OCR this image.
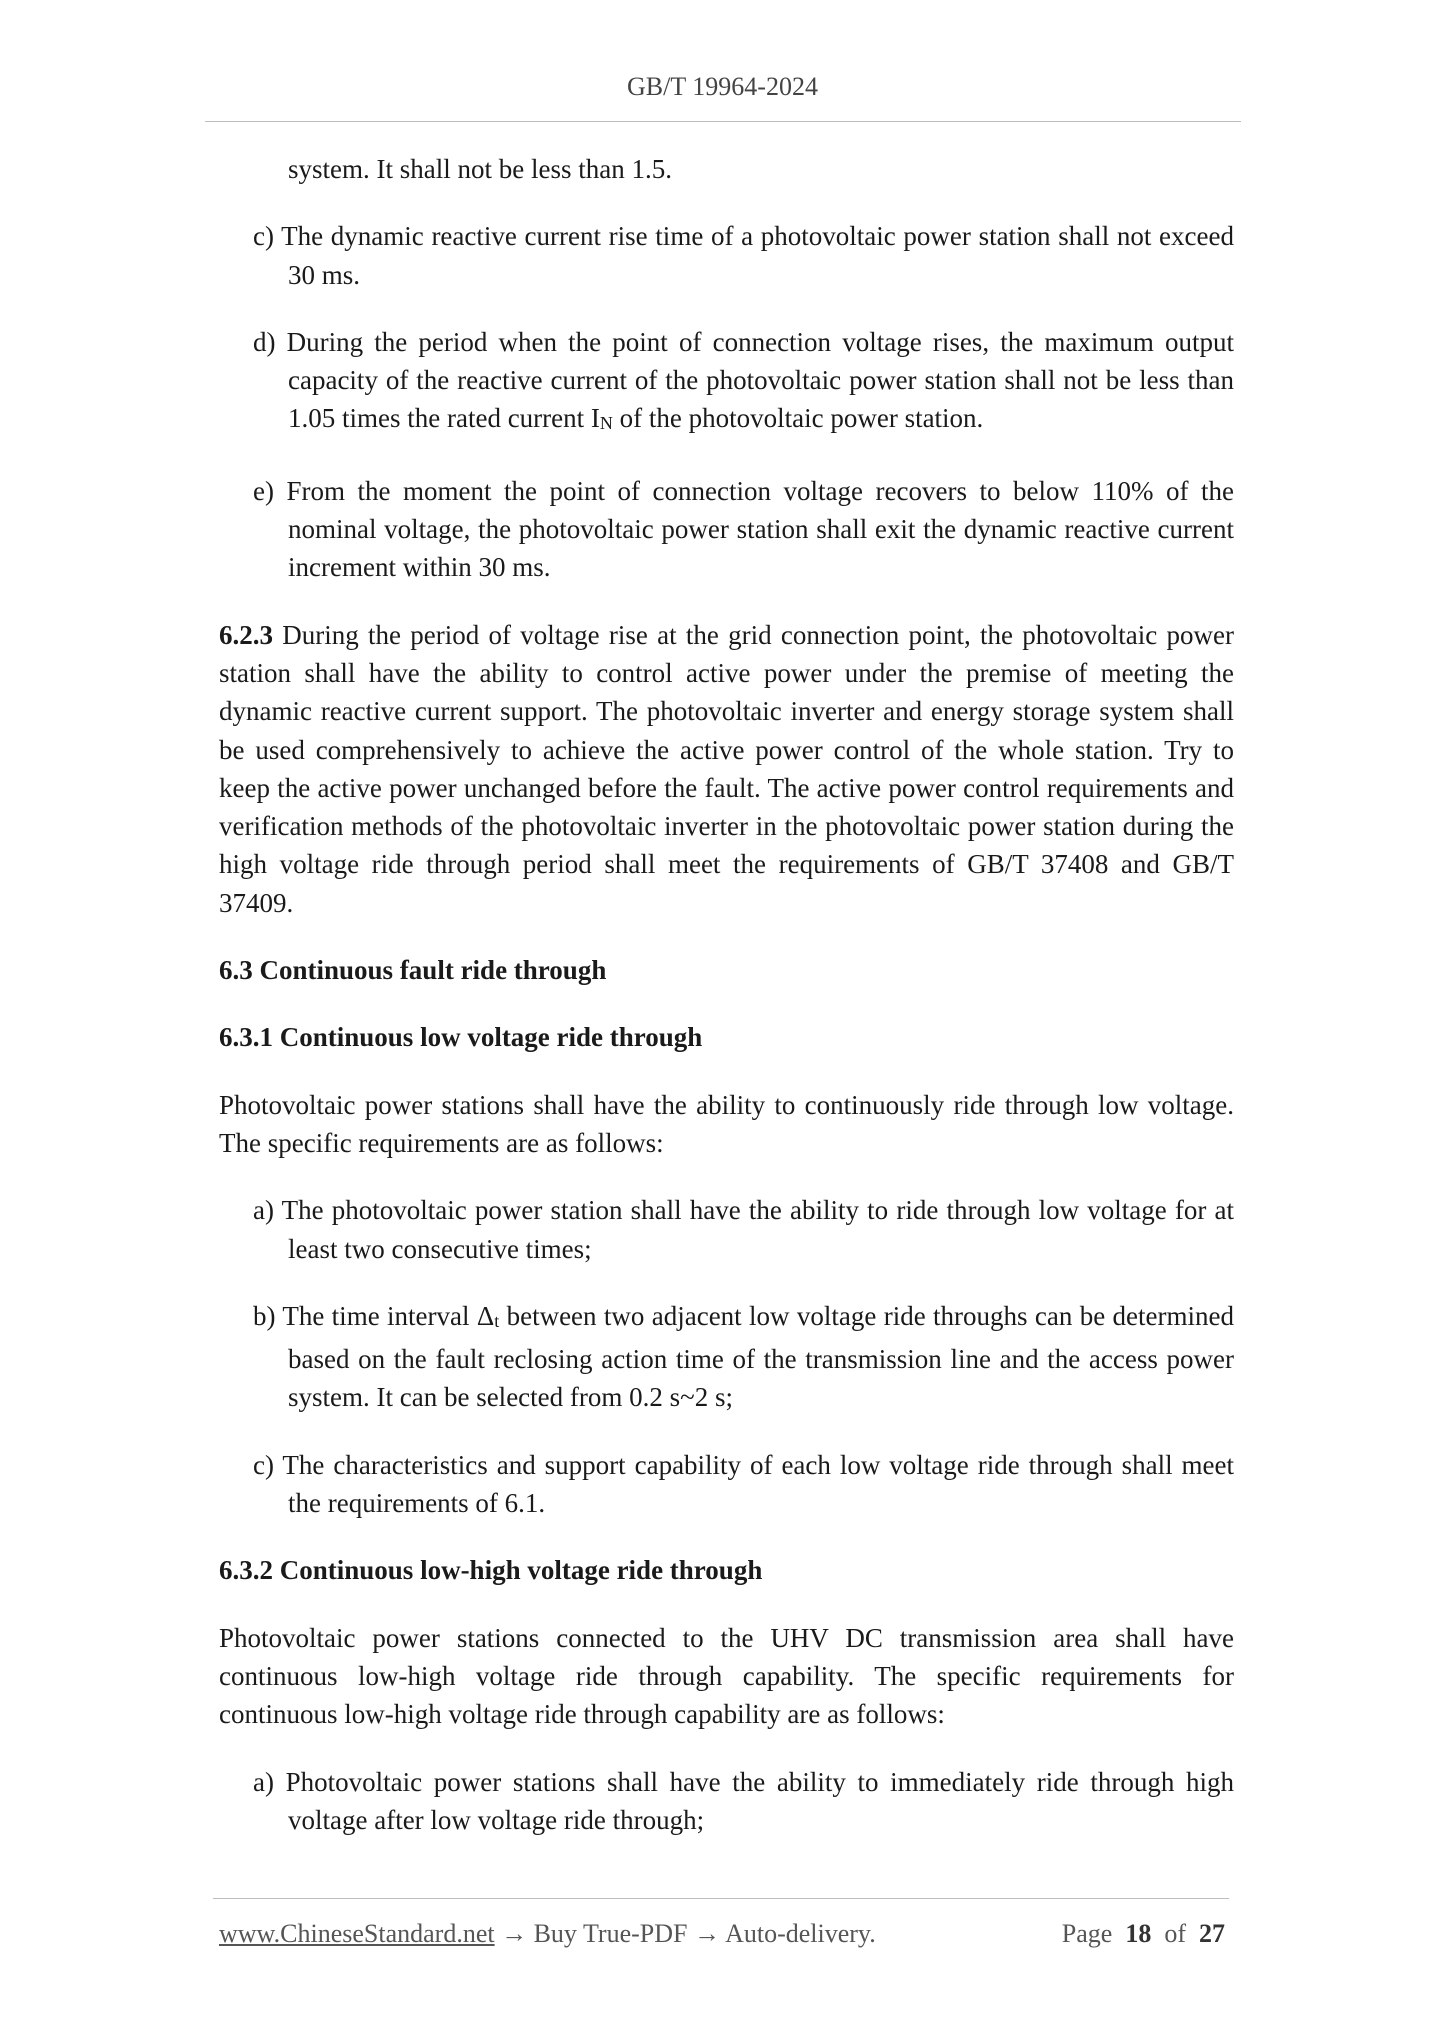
GB/T 19964-2024

system. It shall not be less than 1.5.

c) The dynamic reactive current rise time of a photovoltaic power station shall not exceed 30 ms.

d) During the period when the point of connection voltage rises, the maximum output capacity of the reactive current of the photovoltaic power station shall not be less than 1.05 times the rated current $I_N$ of the photovoltaic power station.

e) From the moment the point of connection voltage recovers to below 110% of the nominal voltage, the photovoltaic power station shall exit the dynamic reactive current increment within 30 ms.

6.2.3 During the period of voltage rise at the grid connection point, the photovoltaic power station shall have the ability to control active power under the premise of meeting the dynamic reactive current support. The photovoltaic inverter and energy storage system shall be used comprehensively to achieve the active power control of the whole station. Try to keep the active power unchanged before the fault. The active power control requirements and verification methods of the photovoltaic inverter in the photovoltaic power station during the high voltage ride through period shall meet the requirements of GB/T 37408 and GB/T 37409.

6.3 Continuous fault ride through

6.3.1 Continuous low voltage ride through

Photovoltaic power stations shall have the ability to continuously ride through low voltage. The specific requirements are as follows:

a) The photovoltaic power station shall have the ability to ride through low voltage for at least two consecutive times;

b) The time interval $\Delta_t$ between two adjacent low voltage ride throughs can be determined based on the fault reclosing action time of the transmission line and the access power system. It can be selected from 0.2 s~2 s;

c) The characteristics and support capability of each low voltage ride through shall meet the requirements of 6.1.

6.3.2 Continuous low-high voltage ride through

Photovoltaic power stations connected to the UHV DC transmission area shall have continuous low-high voltage ride through capability. The specific requirements for continuous low-high voltage ride through capability are as follows:

a) Photovoltaic power stations shall have the ability to immediately ride through high voltage after low voltage ride through;

www.ChineseStandard.net → Buy True-PDF → Auto-delivery.	Page 18 of 27
